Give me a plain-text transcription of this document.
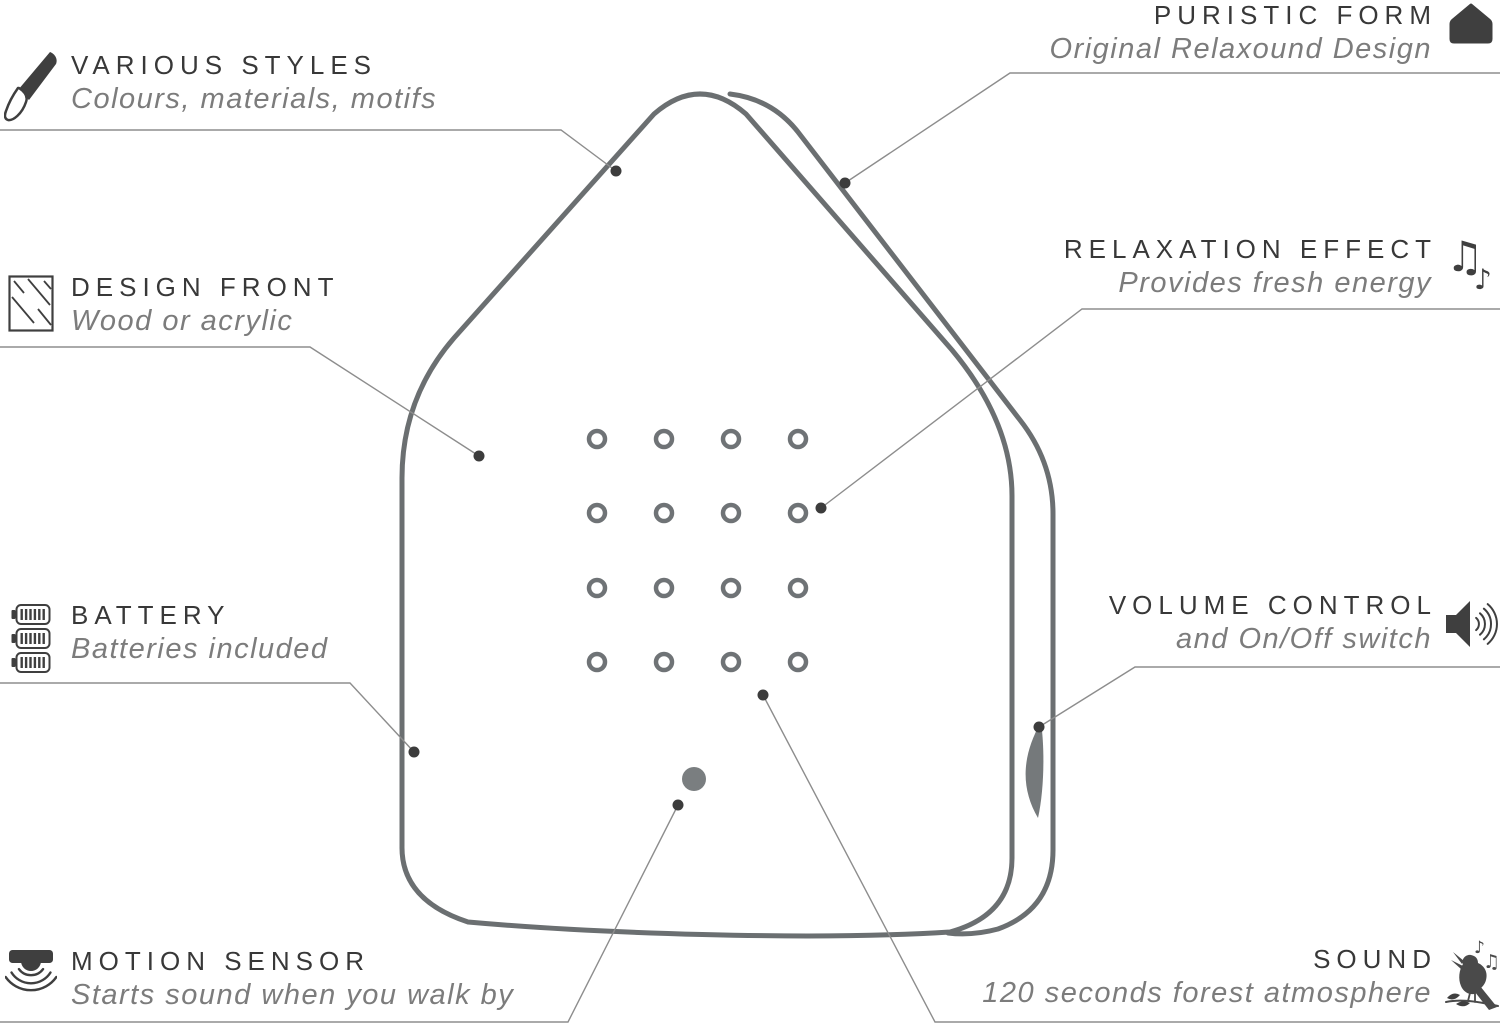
VARIOUS STYLES
Colours, materials, motifs
PURISTIC FORM
Original Relaxound Design
DESIGN FRONT
Wood or acrylic
RELAXATION EFFECT
Provides fresh energy
♫
♪
BATTERY
Batteries included
VOLUME CONTROL
and On/Off switch
MOTION SENSOR
Starts sound when you walk by
SOUND
120 seconds forest atmosphere
♪
♫
